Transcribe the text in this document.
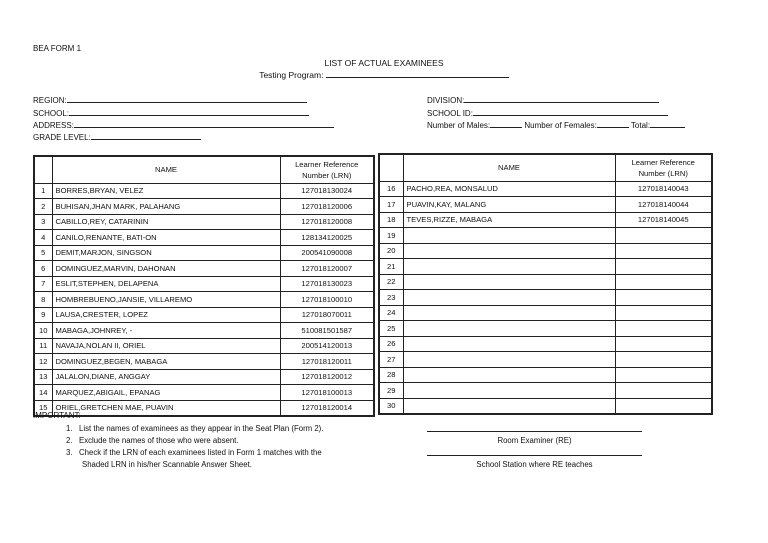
BEA FORM 1
LIST OF ACTUAL EXAMINEES
Testing Program:
REGION:
SCHOOL:
ADDRESS:
GRADE LEVEL:
DIVISION:
SCHOOL ID:
Number of Males:	Number of Females:	Total:
	NAME	Learner Reference
Number (LRN)
1	BORRES,BRYAN, VELEZ	127018130024
2	BUHISAN,JHAN MARK, PALAHANG	127018120006
3	CABILLO,REY, CATARININ	127018120008
4	CANILO,RENANTE, BATI-ON	128134120025
5	DEMIT,MARJON, SINGSON	200541090008
6	DOMINGUEZ,MARVIN, DAHONAN	127018120007
7	ESLIT,STEPHEN, DELAPENA	127018130023
8	HOMBREBUENO,JANSIE, VILLAREMO	127018100010
9	LAUSA,CRESTER, LOPEZ	127018070011
10	MABAGA,JOHNREY, -	510081501587
11	NAVAJA,NOLAN II, ORIEL	200514120013
12	DOMINGUEZ,BEGEN, MABAGA	127018120011
13	JALALON,DIANE, ANGGAY	127018120012
14	MARQUEZ,ABIGAIL, EPANAG	127018100013
15	ORIEL,GRETCHEN MAE, PUAVIN	127018120014
	NAME	Learner Reference
Number (LRN)
16	PACHO,REA, MONSALUD	127018140043
17	PUAVIN,KAY, MALANG	127018140044
18	TEVES,RIZZE, MABAGA	127018140045
19		
20		
21		
22		
23		
24		
25		
26		
27		
28		
29		
30		
IMPORTANT:
1. List the names of examinees as they appear in the Seat Plan (Form 2).
2. Exclude the names of those who were absent.
3. Check if the LRN of each examinees listed in Form 1 matches with the
Shaded LRN in his/her Scannable Answer Sheet.
Room Examiner (RE)
School Station where RE teaches
